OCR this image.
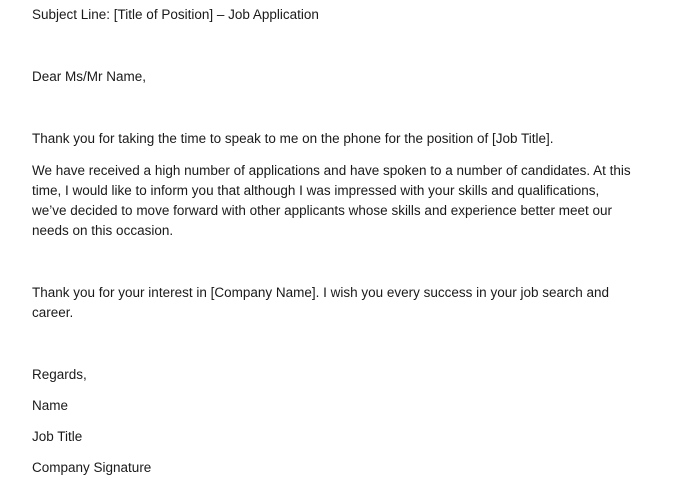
Subject Line: [Title of Position] – Job Application
Dear Ms/Mr Name,
Thank you for taking the time to speak to me on the phone for the position of [Job Title].
We have received a high number of applications and have spoken to a number of candidates. At this
time, I would like to inform you that although I was impressed with your skills and qualifications,
we’ve decided to move forward with other applicants whose skills and experience better meet our
needs on this occasion.
Thank you for your interest in [Company Name]. I wish you every success in your job search and
career.
Regards,
Name
Job Title
Company Signature
